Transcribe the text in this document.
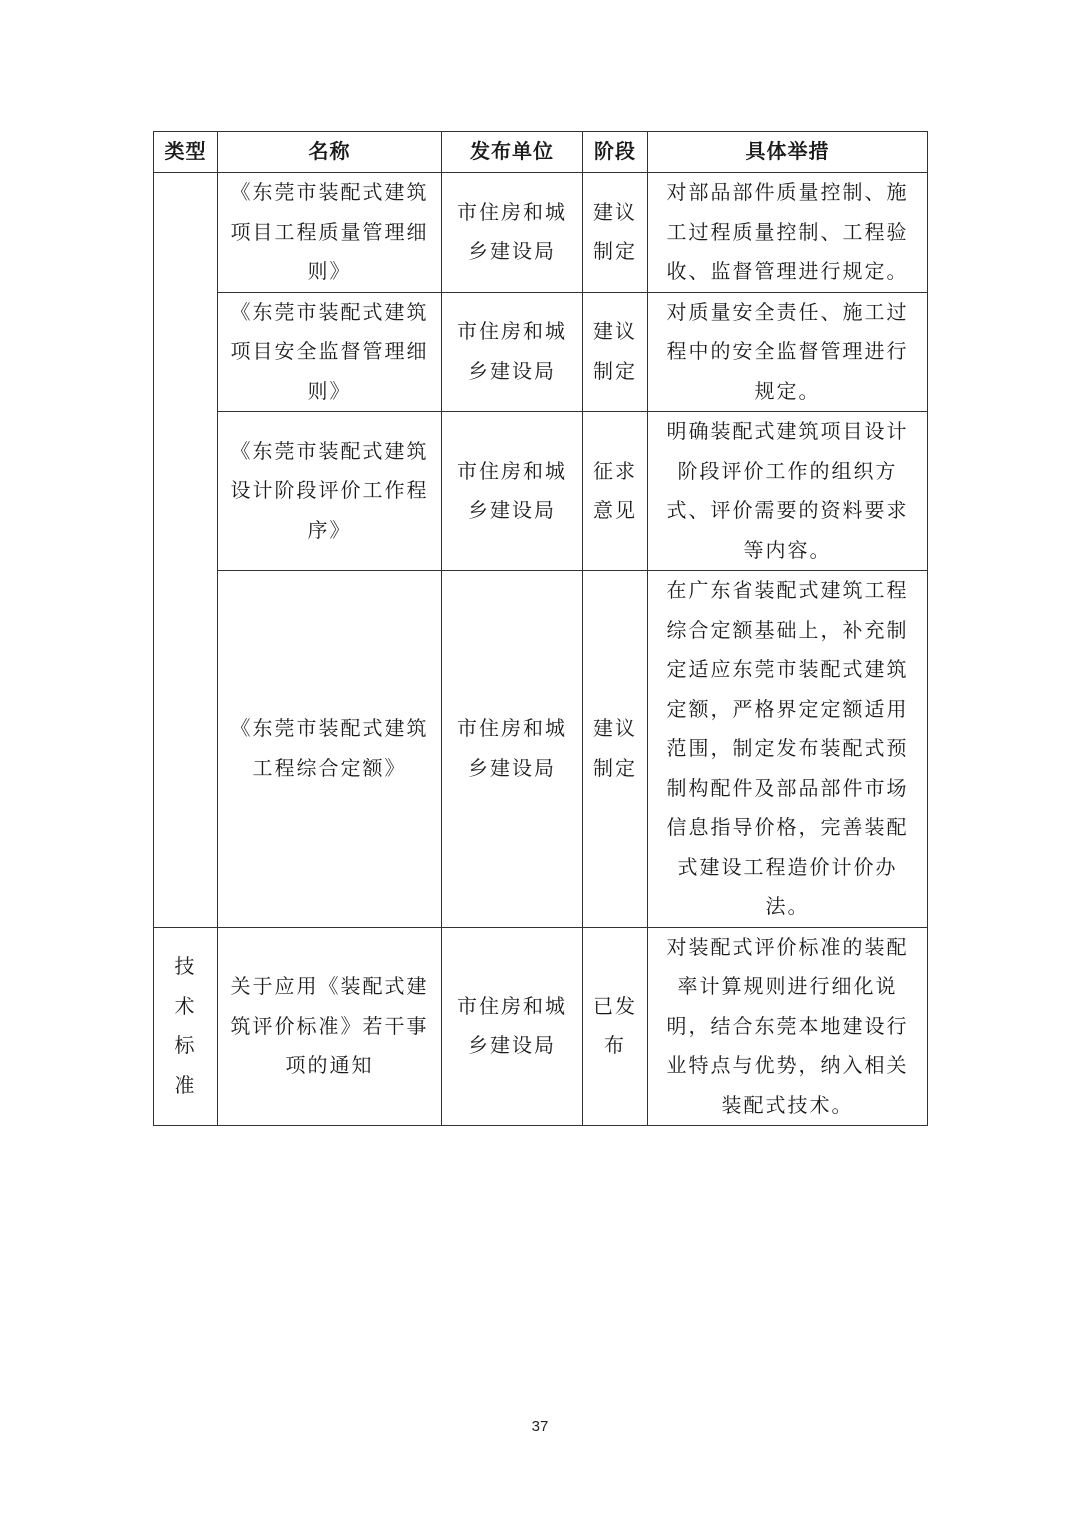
类型	名称	发布单位	阶段	具体举措

	《东莞市装配式建筑项目工程质量管理细则》	市住房和城乡建设局	建议制定	对部品部件质量控制、施工过程质量控制、工程验收、监督管理进行规定。

	《东莞市装配式建筑项目安全监督管理细则》	市住房和城乡建设局	建议制定	对质量安全责任、施工过程中的安全监督管理进行规定。

	《东莞市装配式建筑设计阶段评价工作程序》	市住房和城乡建设局	征求意见	明确装配式建筑项目设计阶段评价工作的组织方式、评价需要的资料要求等内容。

	《东莞市装配式建筑工程综合定额》	市住房和城乡建设局	建议制定	在广东省装配式建筑工程综合定额基础上，补充制定适应东莞市装配式建筑定额，严格界定定额适用范围，制定发布装配式预制构配件及部品部件市场信息指导价格，完善装配式建设工程造价计价办法。

技术标准	关于应用《装配式建筑评价标准》若干事项的通知	市住房和城乡建设局	已发布	对装配式评价标准的装配率计算规则进行细化说明，结合东莞本地建设行业特点与优势，纳入相关装配式技术。
37
